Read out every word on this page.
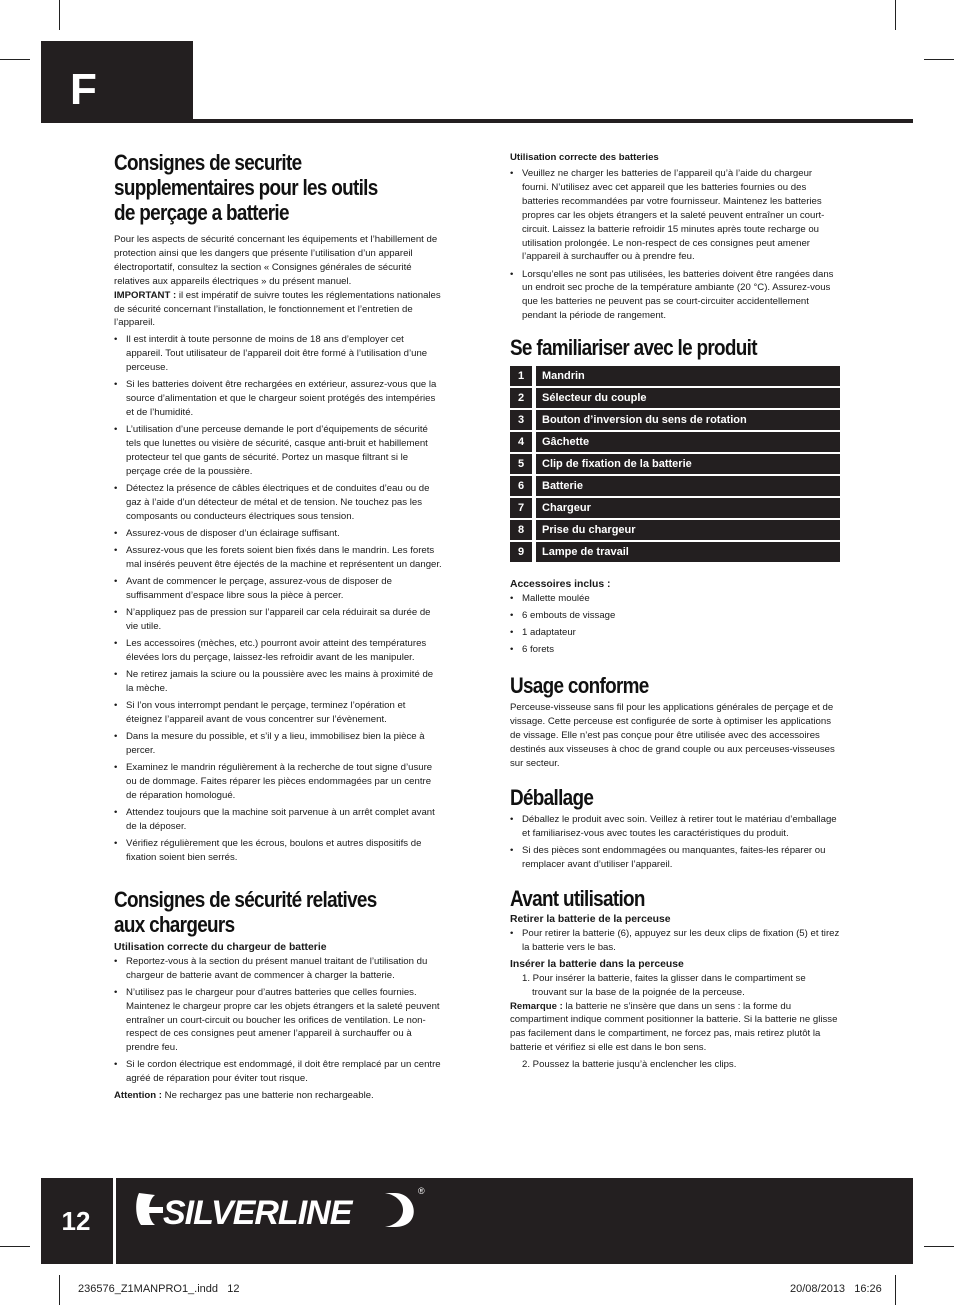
F
Consignes de securite
supplementaires pour les outils
de perçage a batterie

Pour les aspects de sécurité concernant les équipements et l’habillement de protection ainsi que les dangers que présente l’utilisation d’un appareil électroportatif, consultez la section « Consignes générales de sécurité relatives aux appareils électriques » du présent manuel.

IMPORTANT : il est impératif de suivre toutes les réglementations nationales de sécurité concernant l’installation, le fonctionnement et l’entretien de l’appareil.

• Il est interdit à toute personne de moins de 18 ans d’employer cet appareil. Tout utilisateur de l’appareil doit être formé à l’utilisation d’une perceuse.
• Si les batteries doivent être rechargées en extérieur, assurez-vous que la source d’alimentation et que le chargeur soient protégés des intempéries et de l’humidité.
• L’utilisation d’une perceuse demande le port d’équipements de sécurité tels que lunettes ou visière de sécurité, casque anti-bruit et habillement protecteur tel que gants de sécurité. Portez un masque filtrant si le perçage crée de la poussière.
• Détectez la présence de câbles électriques et de conduites d’eau ou de gaz à l’aide d’un détecteur de métal et de tension. Ne touchez pas les composants ou conducteurs électriques sous tension.
• Assurez-vous de disposer d’un éclairage suffisant.
• Assurez-vous que les forets soient bien fixés dans le mandrin. Les forets mal insérés peuvent être éjectés de la machine et représentent un danger.
• Avant de commencer le perçage, assurez-vous de disposer de suffisamment d’espace libre sous la pièce à percer.
• N’appliquez pas de pression sur l’appareil car cela réduirait sa durée de vie utile.
• Les accessoires (mèches, etc.) pourront avoir atteint des températures élevées lors du perçage, laissez-les refroidir avant de les manipuler.
• Ne retirez jamais la sciure ou la poussière avec les mains à proximité de la mèche.
• Si l’on vous interrompt pendant le perçage, terminez l’opération et éteignez l’appareil avant de vous concentrer sur l’évènement.
• Dans la mesure du possible, et s’il y a lieu, immobilisez bien la pièce à percer.
• Examinez le mandrin régulièrement à la recherche de tout signe d’usure ou de dommage. Faites réparer les pièces endommagées par un centre de réparation homologué.
• Attendez toujours que la machine soit parvenue à un arrêt complet avant de la déposer.
• Vérifiez régulièrement que les écrous, boulons et autres dispositifs de fixation soient bien serrés.
Consignes de sécurité relatives
aux chargeurs

Utilisation correcte du chargeur de batterie

• Reportez-vous à la section du présent manuel traitant de l’utilisation du chargeur de batterie avant de commencer à charger la batterie.
• N’utilisez pas le chargeur pour d’autres batteries que celles fournies. Maintenez le chargeur propre car les objets étrangers et la saleté peuvent entraîner un court-circuit ou boucher les orifices de ventilation. Le non-respect de ces consignes peut amener l’appareil à surchauffer ou à prendre feu.
• Si le cordon électrique est endommagé, il doit être remplacé par un centre agréé de réparation pour éviter tout risque.

Attention : Ne rechargez pas une batterie non rechargeable.

Utilisation correcte des batteries

• Veuillez ne charger les batteries de l’appareil qu’à l’aide du chargeur fourni. N’utilisez avec cet appareil que les batteries fournies ou des batteries recommandées par votre fournisseur. Maintenez les batteries propres car les objets étrangers et la saleté peuvent entraîner un court-circuit. Laissez la batterie refroidir 15 minutes après toute recharge ou utilisation prolongée. Le non-respect de ces consignes peut amener l’appareil à surchauffer ou à prendre feu.
• Lorsqu’elles ne sont pas utilisées, les batteries doivent être rangées dans un endroit sec proche de la température ambiante (20 °C). Assurez-vous que les batteries ne peuvent pas se court-circuiter accidentellement pendant la période de rangement.
Se familiariser avec le produit
1		Mandrin
2		Sélecteur du couple
3		Bouton d’inversion du sens de rotation
4		Gâchette
5		Clip de fixation de la batterie
6		Batterie
7		Chargeur
8		Prise du chargeur
9		Lampe de travail

Accessoires inclus :

• Mallette moulée
• 6 embouts de vissage
• 1 adaptateur
• 6 forets
Usage conforme

Perceuse-visseuse sans fil pour les applications générales de perçage et de vissage. Cette perceuse est configurée de sorte à optimiser les applications de vissage. Elle n’est pas conçue pour être utilisée avec des accessoires destinés aux visseuses à choc de grand couple ou aux perceuses-visseuses sur secteur.

Déballage
• Déballez le produit avec soin. Veillez à retirer tout le matériau d’emballage et familiarisez-vous avec toutes les caractéristiques du produit.
• Si des pièces sont endommagées ou manquantes, faites-les réparer ou remplacer avant d’utiliser l’appareil.
Avant utilisation

Retirer la batterie de la perceuse

• Pour retirer la batterie (6), appuyez sur les deux clips de fixation (5) et tirez la batterie vers le bas.

Insérer la batterie dans la perceuse

1. Pour insérer la batterie, faites la glisser dans le compartiment se trouvant sur la base de la poignée de la perceuse.

Remarque : la batterie ne s’insère que dans un sens : la forme du compartiment indique comment positionner la batterie. Si la batterie ne glisse pas facilement dans le compartiment, ne forcez pas, mais retirez plutôt la batterie et vérifiez si elle est dans le bon sens.

2. Poussez la batterie jusqu’à enclencher les clips.
12	SILVERLINE
®
236576_Z1MANPRO1_.indd   12	20/08/2013   16:26
